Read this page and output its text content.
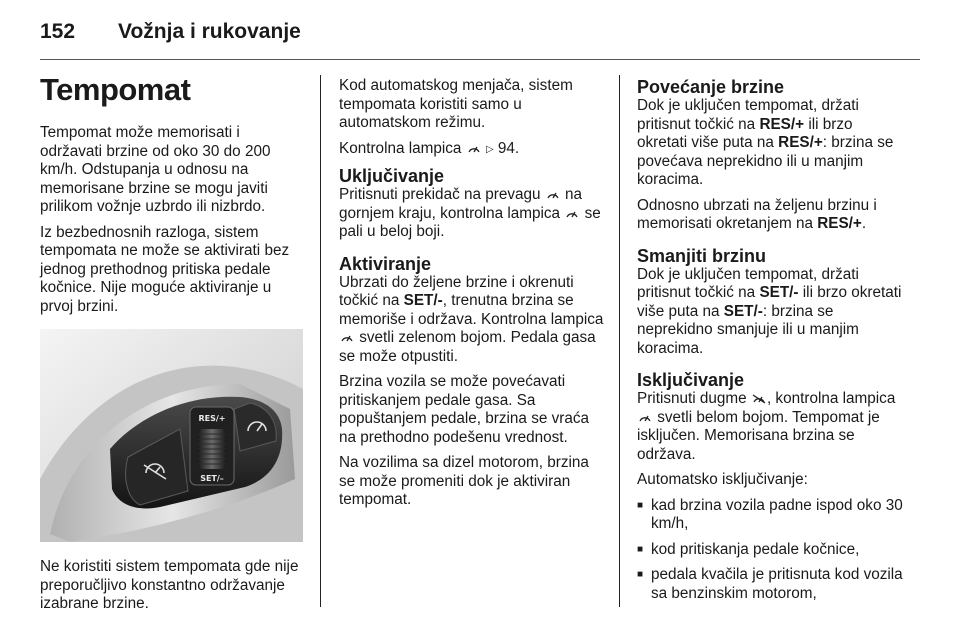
152 Vožnja i rukovanje
Tempomat

Tempomat može memorisati i održavati brzine od oko 30 do 200 km/h. Odstupanja u odnosu na memorisane brzine se mogu javiti prilikom vožnje uzbrdo ili nizbrdo.

Iz bezbednosnih razloga, sistem tempomata ne može se aktivirati bez jednog prethodnog pritiska pedale kočnice. Nije moguće aktiviranje u prvoj brzini.

RES/+
SET/–

Ne koristiti sistem tempomata gde nije preporučljivo konstantno održavanje izabrane brzine.

Kod automatskog menjača, sistem tempomata koristiti samo u automatskom režimu.

Kontrolna lampica ▷ 94.

Uključivanje

Pritisnuti prekidač na prevagu na gornjem kraju, kontrolna lampica se pali u beloj boji.

Aktiviranje

Ubrzati do željene brzine i okrenuti točkić na SET/-, trenutna brzina se memoriše i održava. Kontrolna lampica  svetli zelenom bojom. Pedala gasa se može otpustiti.

Brzina vozila se može povećavati pritiskanjem pedale gasa. Sa popuštanjem pedale, brzina se vraća na prethodno podešenu vrednost.

Na vozilima sa dizel motorom, brzina se može promeniti dok je aktiviran tempomat.

Povećanje brzine

Dok je uključen tempomat, držati pritisnut točkić na RES/+ ili brzo okretati više puta na RES/+: brzina se povećava neprekidno ili u manjim koracima.

Odnosno ubrzati na željenu brzinu i memorisati okretanjem na RES/+.

Smanjiti brzinu

Dok je uključen tempomat, držati pritisnut točkić na SET/- ili brzo okretati više puta na SET/-: brzina se neprekidno smanjuje ili u manjim koracima.

Isključivanje

Pritisnuti dugme , kontrolna lampica  svetli belom bojom. Tempomat je isključen. Memorisana brzina se održava.

Automatsko isključivanje:

■ kad brzina vozila padne ispod oko 30 km/h,
■ kod pritiskanja pedale kočnice,
■ pedala kvačila je pritisnuta kod vozila sa benzinskim motorom,
